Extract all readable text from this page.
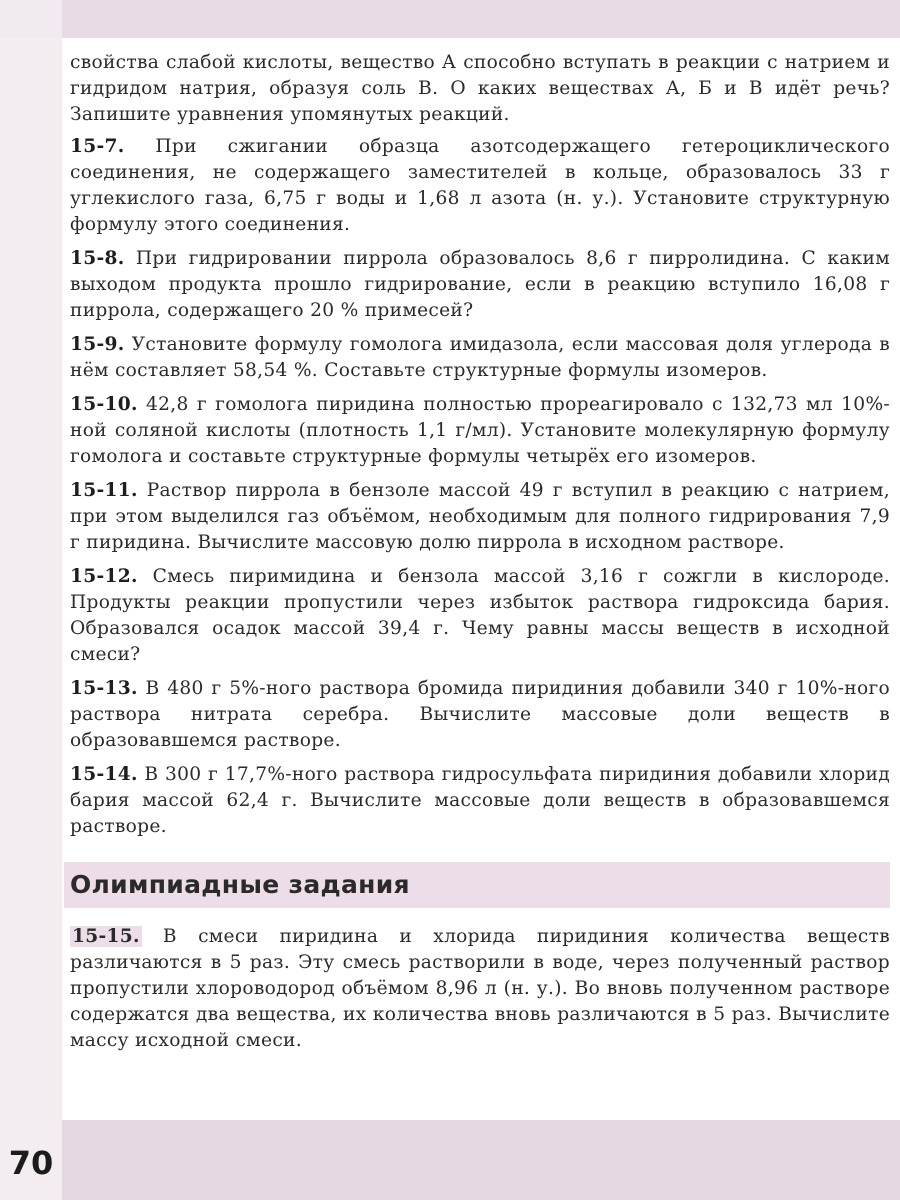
70

свойства слабой кислоты, вещество А способно вступать в реакции с натрием и гидридом натрия, образуя соль В. О каких веществах А, Б и В идёт речь? Запишите уравнения упомянутых реакций.

15-7. При сжигании образца азотсодержащего гетероциклического соединения, не содержащего заместителей в кольце, образовалось 33 г углекислого газа, 6,75 г воды и 1,68 л азота (н. у.). Установите структурную формулу этого соединения.

15-8. При гидрировании пиррола образовалось 8,6 г пирролидина. С каким выходом продукта прошло гидрирование, если в реакцию вступило 16,08 г пиррола, содержащего 20 % примесей?

15-9. Установите формулу гомолога имидазола, если массовая доля углерода в нём составляет 58,54 %. Составьте структурные формулы изомеров.

15-10. 42,8 г гомолога пиридина полностью прореагировало с 132,73 мл 10%-ной соляной кислоты (плотность 1,1 г/мл). Установите молекулярную формулу гомолога и составьте структурные формулы четырёх его изомеров.

15-11. Раствор пиррола в бензоле массой 49 г вступил в реакцию с натрием, при этом выделился газ объёмом, необходимым для полного гидрирования 7,9 г пиридина. Вычислите массовую долю пиррола в исходном растворе.

15-12. Смесь пиримидина и бензола массой 3,16 г сожгли в кислороде. Продукты реакции пропустили через избыток раствора гидроксида бария. Образовался осадок массой 39,4 г. Чему равны массы веществ в исходной смеси?

15-13. В 480 г 5%-ного раствора бромида пиридиния добавили 340 г 10%-ного раствора нитрата серебра. Вычислите массовые доли веществ в образовавшемся растворе.

15-14. В 300 г 17,7%-ного раствора гидросульфата пиридиния добавили хлорид бария массой 62,4 г. Вычислите массовые доли веществ в образовавшемся растворе.

Олимпиадные задания

15-15. В смеси пиридина и хлорида пиридиния количества веществ различаются в 5 раз. Эту смесь растворили в воде, через полученный раствор пропустили хлороводород объёмом 8,96 л (н. у.). Во вновь полученном растворе содержатся два вещества, их количества вновь различаются в 5 раз. Вычислите массу исходной смеси.
